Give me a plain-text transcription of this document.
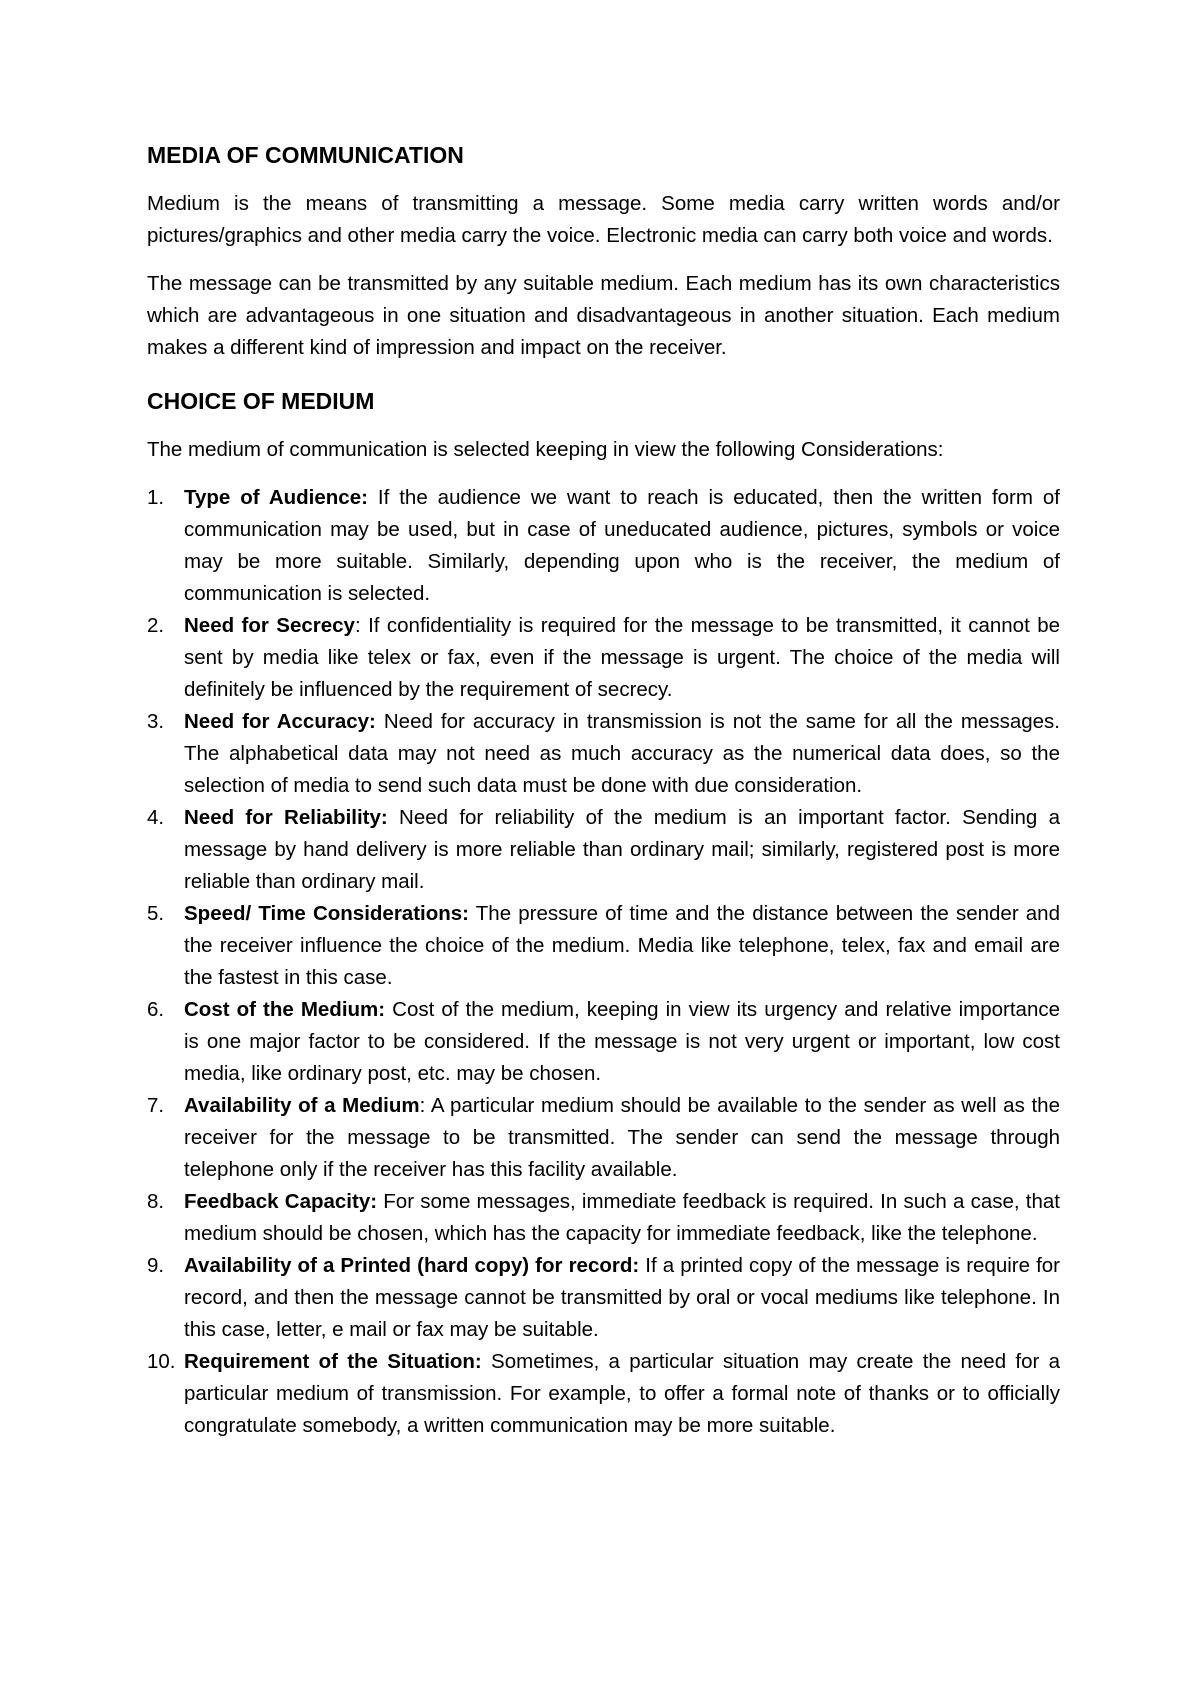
MEDIA OF COMMUNICATION

Medium is the means of transmitting a message. Some media carry written words and/or pictures/graphics and other media carry the voice. Electronic media can carry both voice and words.

The message can be transmitted by any suitable medium. Each medium has its own characteristics which are advantageous in one situation and disadvantageous in another situation. Each medium makes a different kind of impression and impact on the receiver.

CHOICE OF MEDIUM

The medium of communication is selected keeping in view the following Considerations:

1. Type of Audience: If the audience we want to reach is educated, then the written form of communication may be used, but in case of uneducated audience, pictures, symbols or voice may be more suitable. Similarly, depending upon who is the receiver, the medium of communication is selected.
2. Need for Secrecy: If confidentiality is required for the message to be transmitted, it cannot be sent by media like telex or fax, even if the message is urgent. The choice of the media will definitely be influenced by the requirement of secrecy.
3. Need for Accuracy: Need for accuracy in transmission is not the same for all the messages. The alphabetical data may not need as much accuracy as the numerical data does, so the selection of media to send such data must be done with due consideration.
4. Need for Reliability: Need for reliability of the medium is an important factor. Sending a message by hand delivery is more reliable than ordinary mail; similarly, registered post is more reliable than ordinary mail.
5. Speed/ Time Considerations: The pressure of time and the distance between the sender and the receiver influence the choice of the medium. Media like telephone, telex, fax and email are the fastest in this case.
6. Cost of the Medium: Cost of the medium, keeping in view its urgency and relative importance is one major factor to be considered. If the message is not very urgent or important, low cost media, like ordinary post, etc. may be chosen.
7. Availability of a Medium: A particular medium should be available to the sender as well as the receiver for the message to be transmitted. The sender can send the message through telephone only if the receiver has this facility available.
8. Feedback Capacity: For some messages, immediate feedback is required. In such a case, that medium should be chosen, which has the capacity for immediate feedback, like the telephone.
9. Availability of a Printed (hard copy) for record: If a printed copy of the message is require for record, and then the message cannot be transmitted by oral or vocal mediums like telephone. In this case, letter, e mail or fax may be suitable.
10. Requirement of the Situation: Sometimes, a particular situation may create the need for a particular medium of transmission. For example, to offer a formal note of thanks or to officially congratulate somebody, a written communication may be more suitable.
